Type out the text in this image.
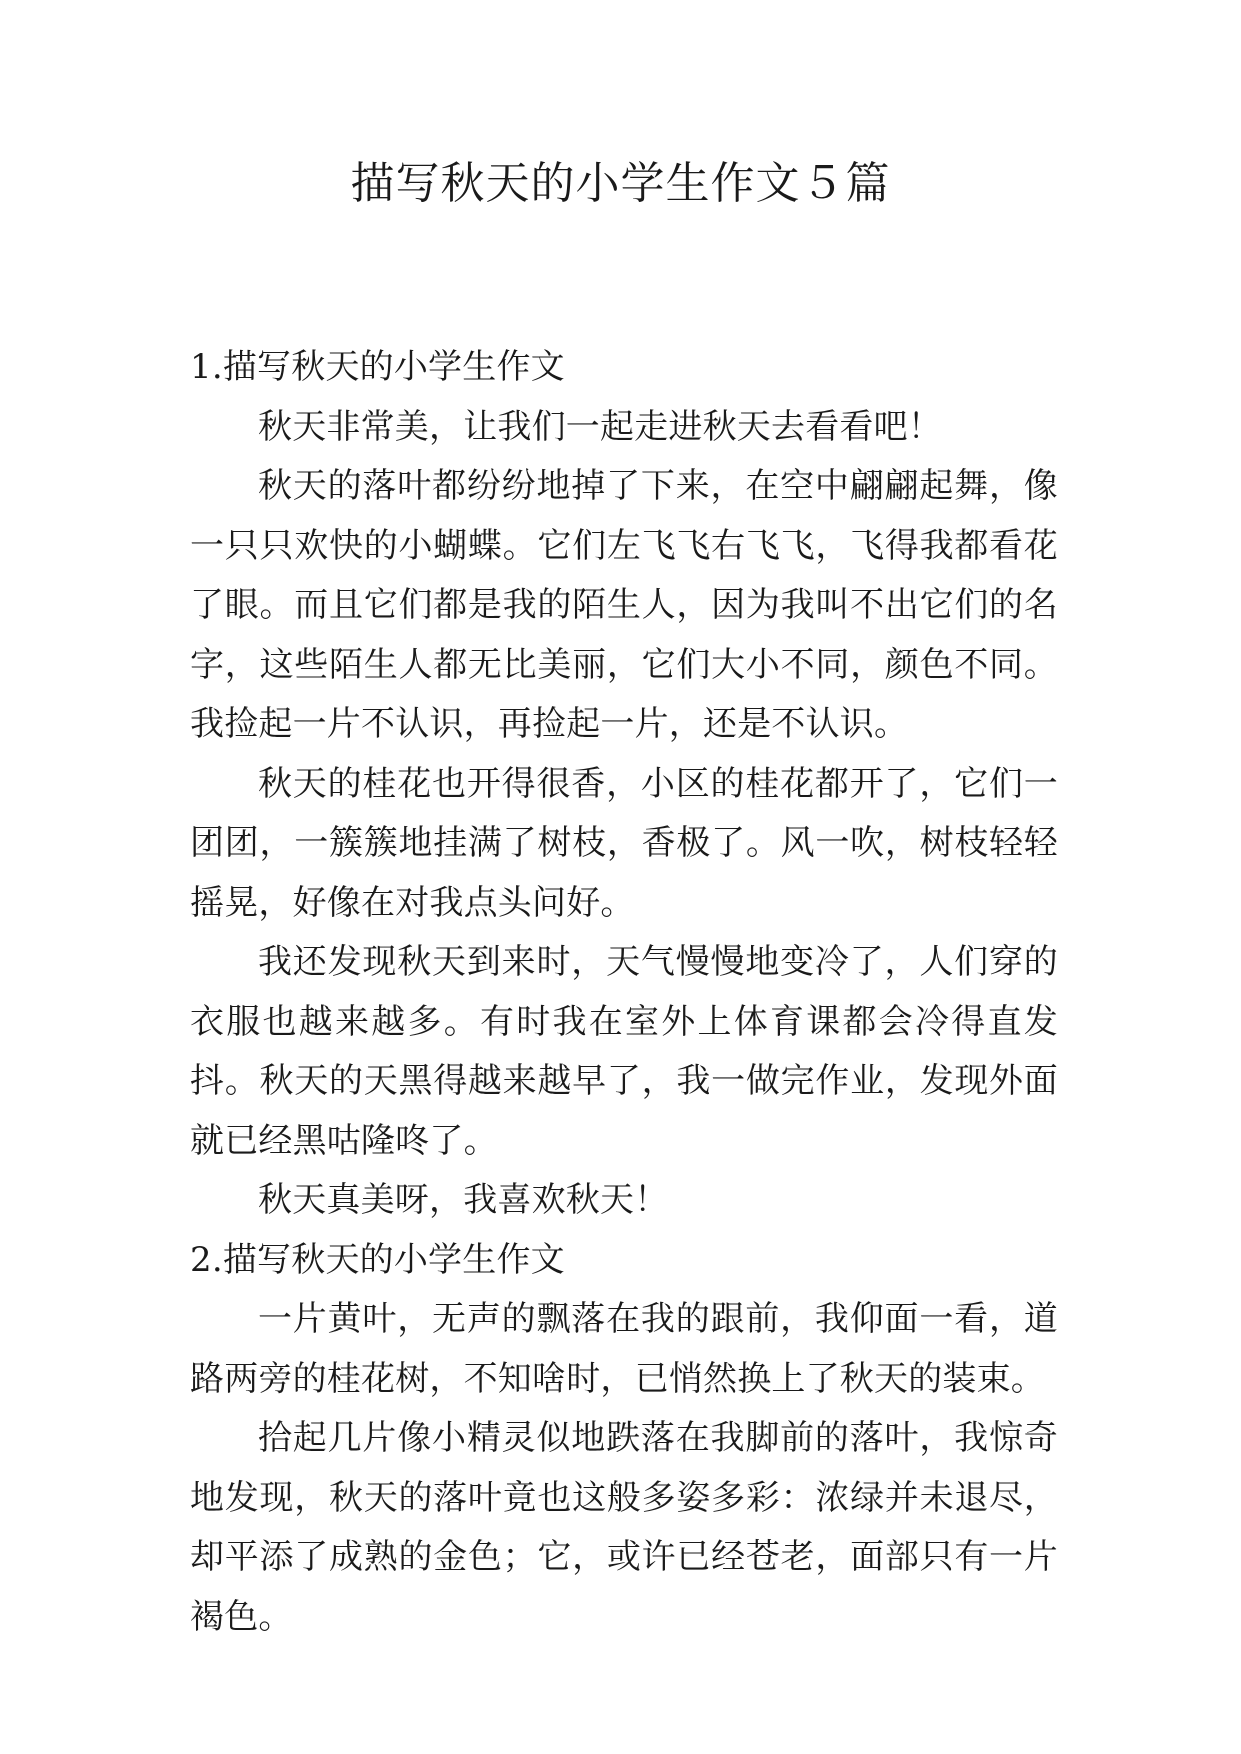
描写秋天的小学生作文５篇

1.描写秋天的小学生作文

秋天非常美，让我们一起走进秋天去看看吧！

秋天的落叶都纷纷地掉了下来，在空中翩翩起舞，像一只只欢快的小蝴蝶。它们左飞飞右飞飞，飞得我都看花了眼。而且它们都是我的陌生人，因为我叫不出它们的名字，这些陌生人都无比美丽，它们大小不同，颜色不同。我捡起一片不认识，再捡起一片，还是不认识。

秋天的桂花也开得很香，小区的桂花都开了，它们一团团，一簇簇地挂满了树枝，香极了。风一吹，树枝轻轻摇晃，好像在对我点头问好。

我还发现秋天到来时，天气慢慢地变冷了，人们穿的衣服也越来越多。有时我在室外上体育课都会冷得直发抖。秋天的天黑得越来越早了，我一做完作业，发现外面就已经黑咕隆咚了。

秋天真美呀，我喜欢秋天！

2.描写秋天的小学生作文

一片黄叶，无声的飘落在我的跟前，我仰面一看，道路两旁的桂花树，不知啥时，已悄然换上了秋天的装束。

拾起几片像小精灵似地跌落在我脚前的落叶，我惊奇地发现，秋天的落叶竟也这般多姿多彩：浓绿并未退尽，却平添了成熟的金色；它，或许已经苍老，面部只有一片褐色。
